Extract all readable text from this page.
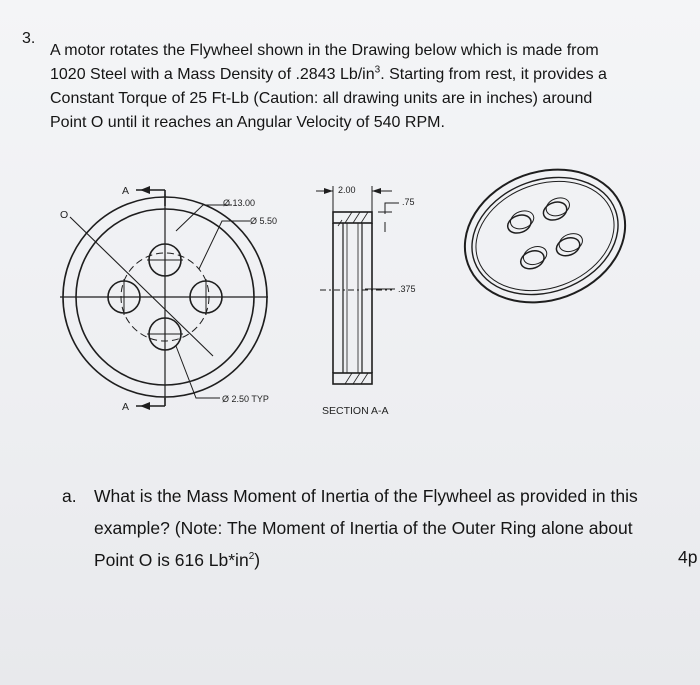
3.
A motor rotates the Flywheel shown in the Drawing below which is made from
1020 Steel with a Mass Density of .2843 $Lb/in^3$. Starting from rest, it provides a
Constant Torque of 25 Ft-Lb (Caution: all drawing units are in inches) around
Point O until it reaches an Angular Velocity of 540 RPM.
A
A
O
Ø 13.00
Ø 5.50
Ø 2.50 TYP
2.00
.75
.375
SECTION A-A
a. What is the Mass Moment of Inertia of the Flywheel as provided in this
example? (Note: The Moment of Inertia of the Outer Ring alone about
Point O is 616 $Lb*in^2$)	4p
